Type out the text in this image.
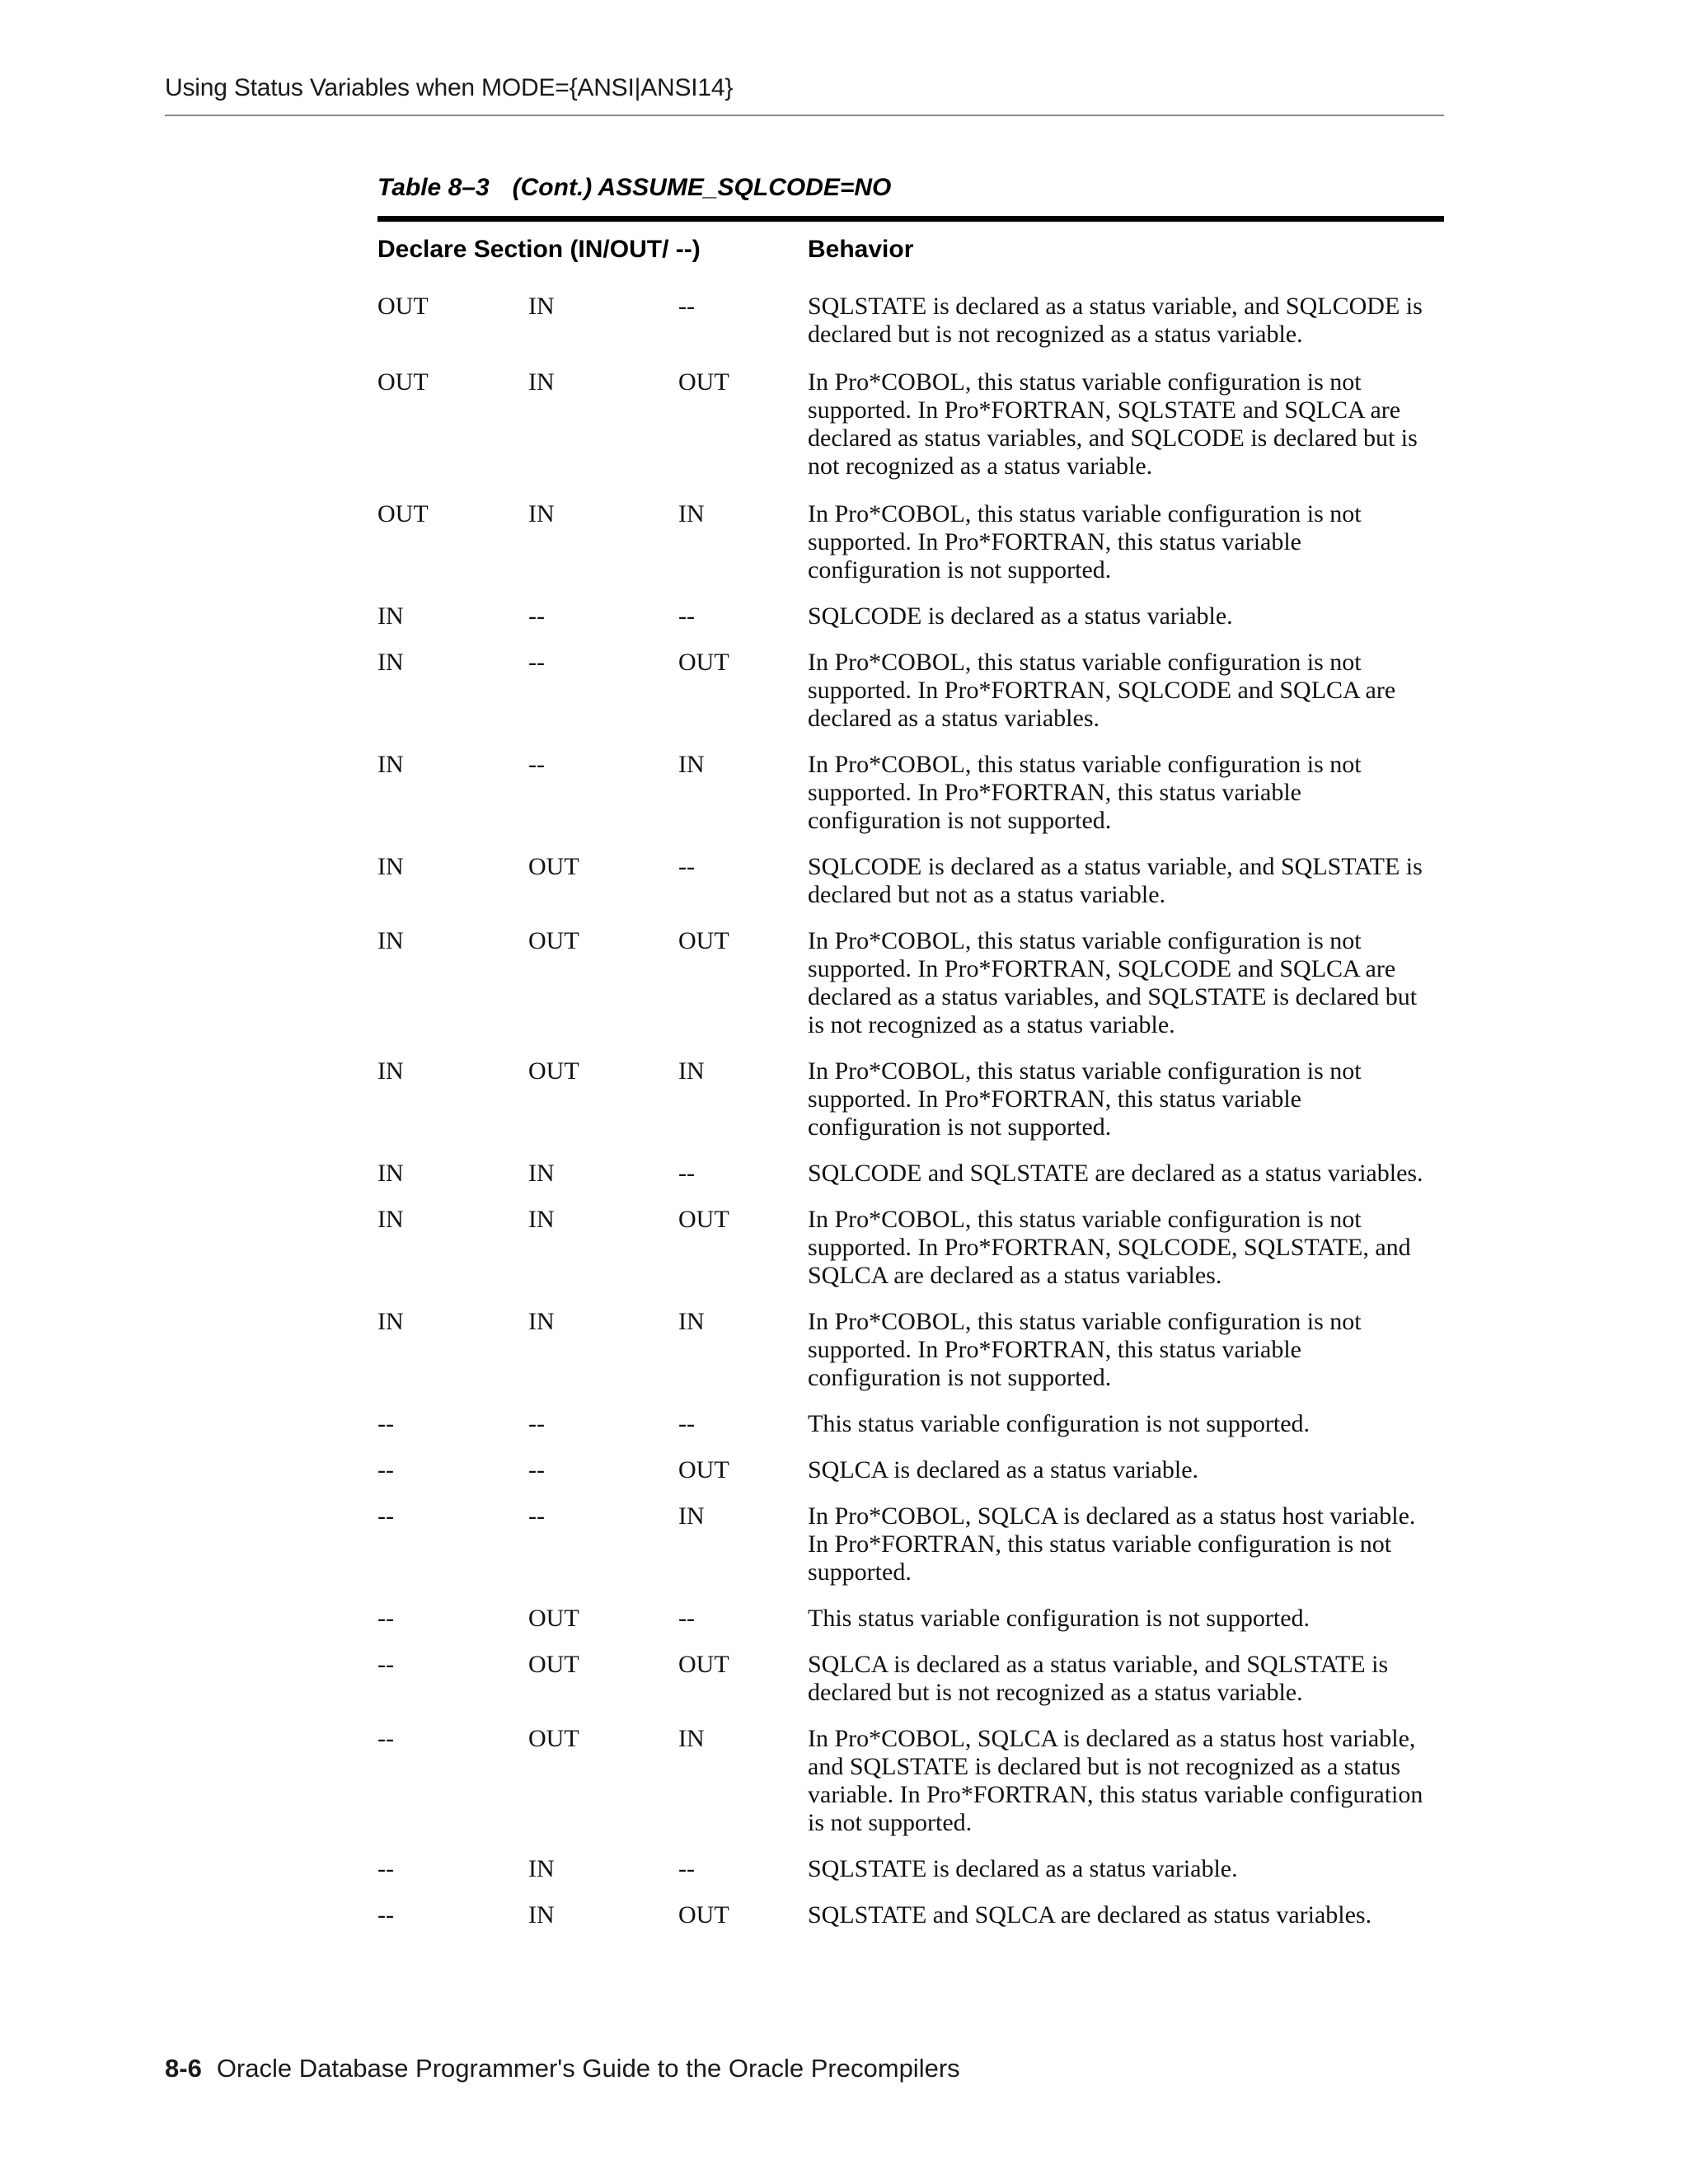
Using Status Variables when MODE={ANSI|ANSI14}
Table 8–3 (Cont.) ASSUME_SQLCODE=NO
Declare Section (IN/OUT/ --)	Behavior
OUT	IN	--	SQLSTATE is declared as a status variable, and SQLCODE is declared but is not recognized as a status variable.
OUT	IN	OUT	In Pro*COBOL, this status variable configuration is not supported. In Pro*FORTRAN, SQLSTATE and SQLCA are declared as status variables, and SQLCODE is declared but is not recognized as a status variable.
OUT	IN	IN	In Pro*COBOL, this status variable configuration is not supported. In Pro*FORTRAN, this status variable configuration is not supported.
IN	--	--	SQLCODE is declared as a status variable.
IN	--	OUT	In Pro*COBOL, this status variable configuration is not supported. In Pro*FORTRAN, SQLCODE and SQLCA are declared as a status variables.
IN	--	IN	In Pro*COBOL, this status variable configuration is not supported. In Pro*FORTRAN, this status variable configuration is not supported.
IN	OUT	--	SQLCODE is declared as a status variable, and SQLSTATE is declared but not as a status variable.
IN	OUT	OUT	In Pro*COBOL, this status variable configuration is not supported. In Pro*FORTRAN, SQLCODE and SQLCA are declared as a status variables, and SQLSTATE is declared but is not recognized as a status variable.
IN	OUT	IN	In Pro*COBOL, this status variable configuration is not supported. In Pro*FORTRAN, this status variable configuration is not supported.
IN	IN	--	SQLCODE and SQLSTATE are declared as a status variables.
IN	IN	OUT	In Pro*COBOL, this status variable configuration is not supported. In Pro*FORTRAN, SQLCODE, SQLSTATE, and SQLCA are declared as a status variables.
IN	IN	IN	In Pro*COBOL, this status variable configuration is not supported. In Pro*FORTRAN, this status variable configuration is not supported.
--	--	--	This status variable configuration is not supported.
--	--	OUT	SQLCA is declared as a status variable.
--	--	IN	In Pro*COBOL, SQLCA is declared as a status host variable. In Pro*FORTRAN, this status variable configuration is not supported.
--	OUT	--	This status variable configuration is not supported.
--	OUT	OUT	SQLCA is declared as a status variable, and SQLSTATE is declared but is not recognized as a status variable.
--	OUT	IN	In Pro*COBOL, SQLCA is declared as a status host variable, and SQLSTATE is declared but is not recognized as a status variable. In Pro*FORTRAN, this status variable configuration is not supported.
--	IN	--	SQLSTATE is declared as a status variable.
--	IN	OUT	SQLSTATE and SQLCA are declared as status variables.
8-6 Oracle Database Programmer's Guide to the Oracle Precompilers
